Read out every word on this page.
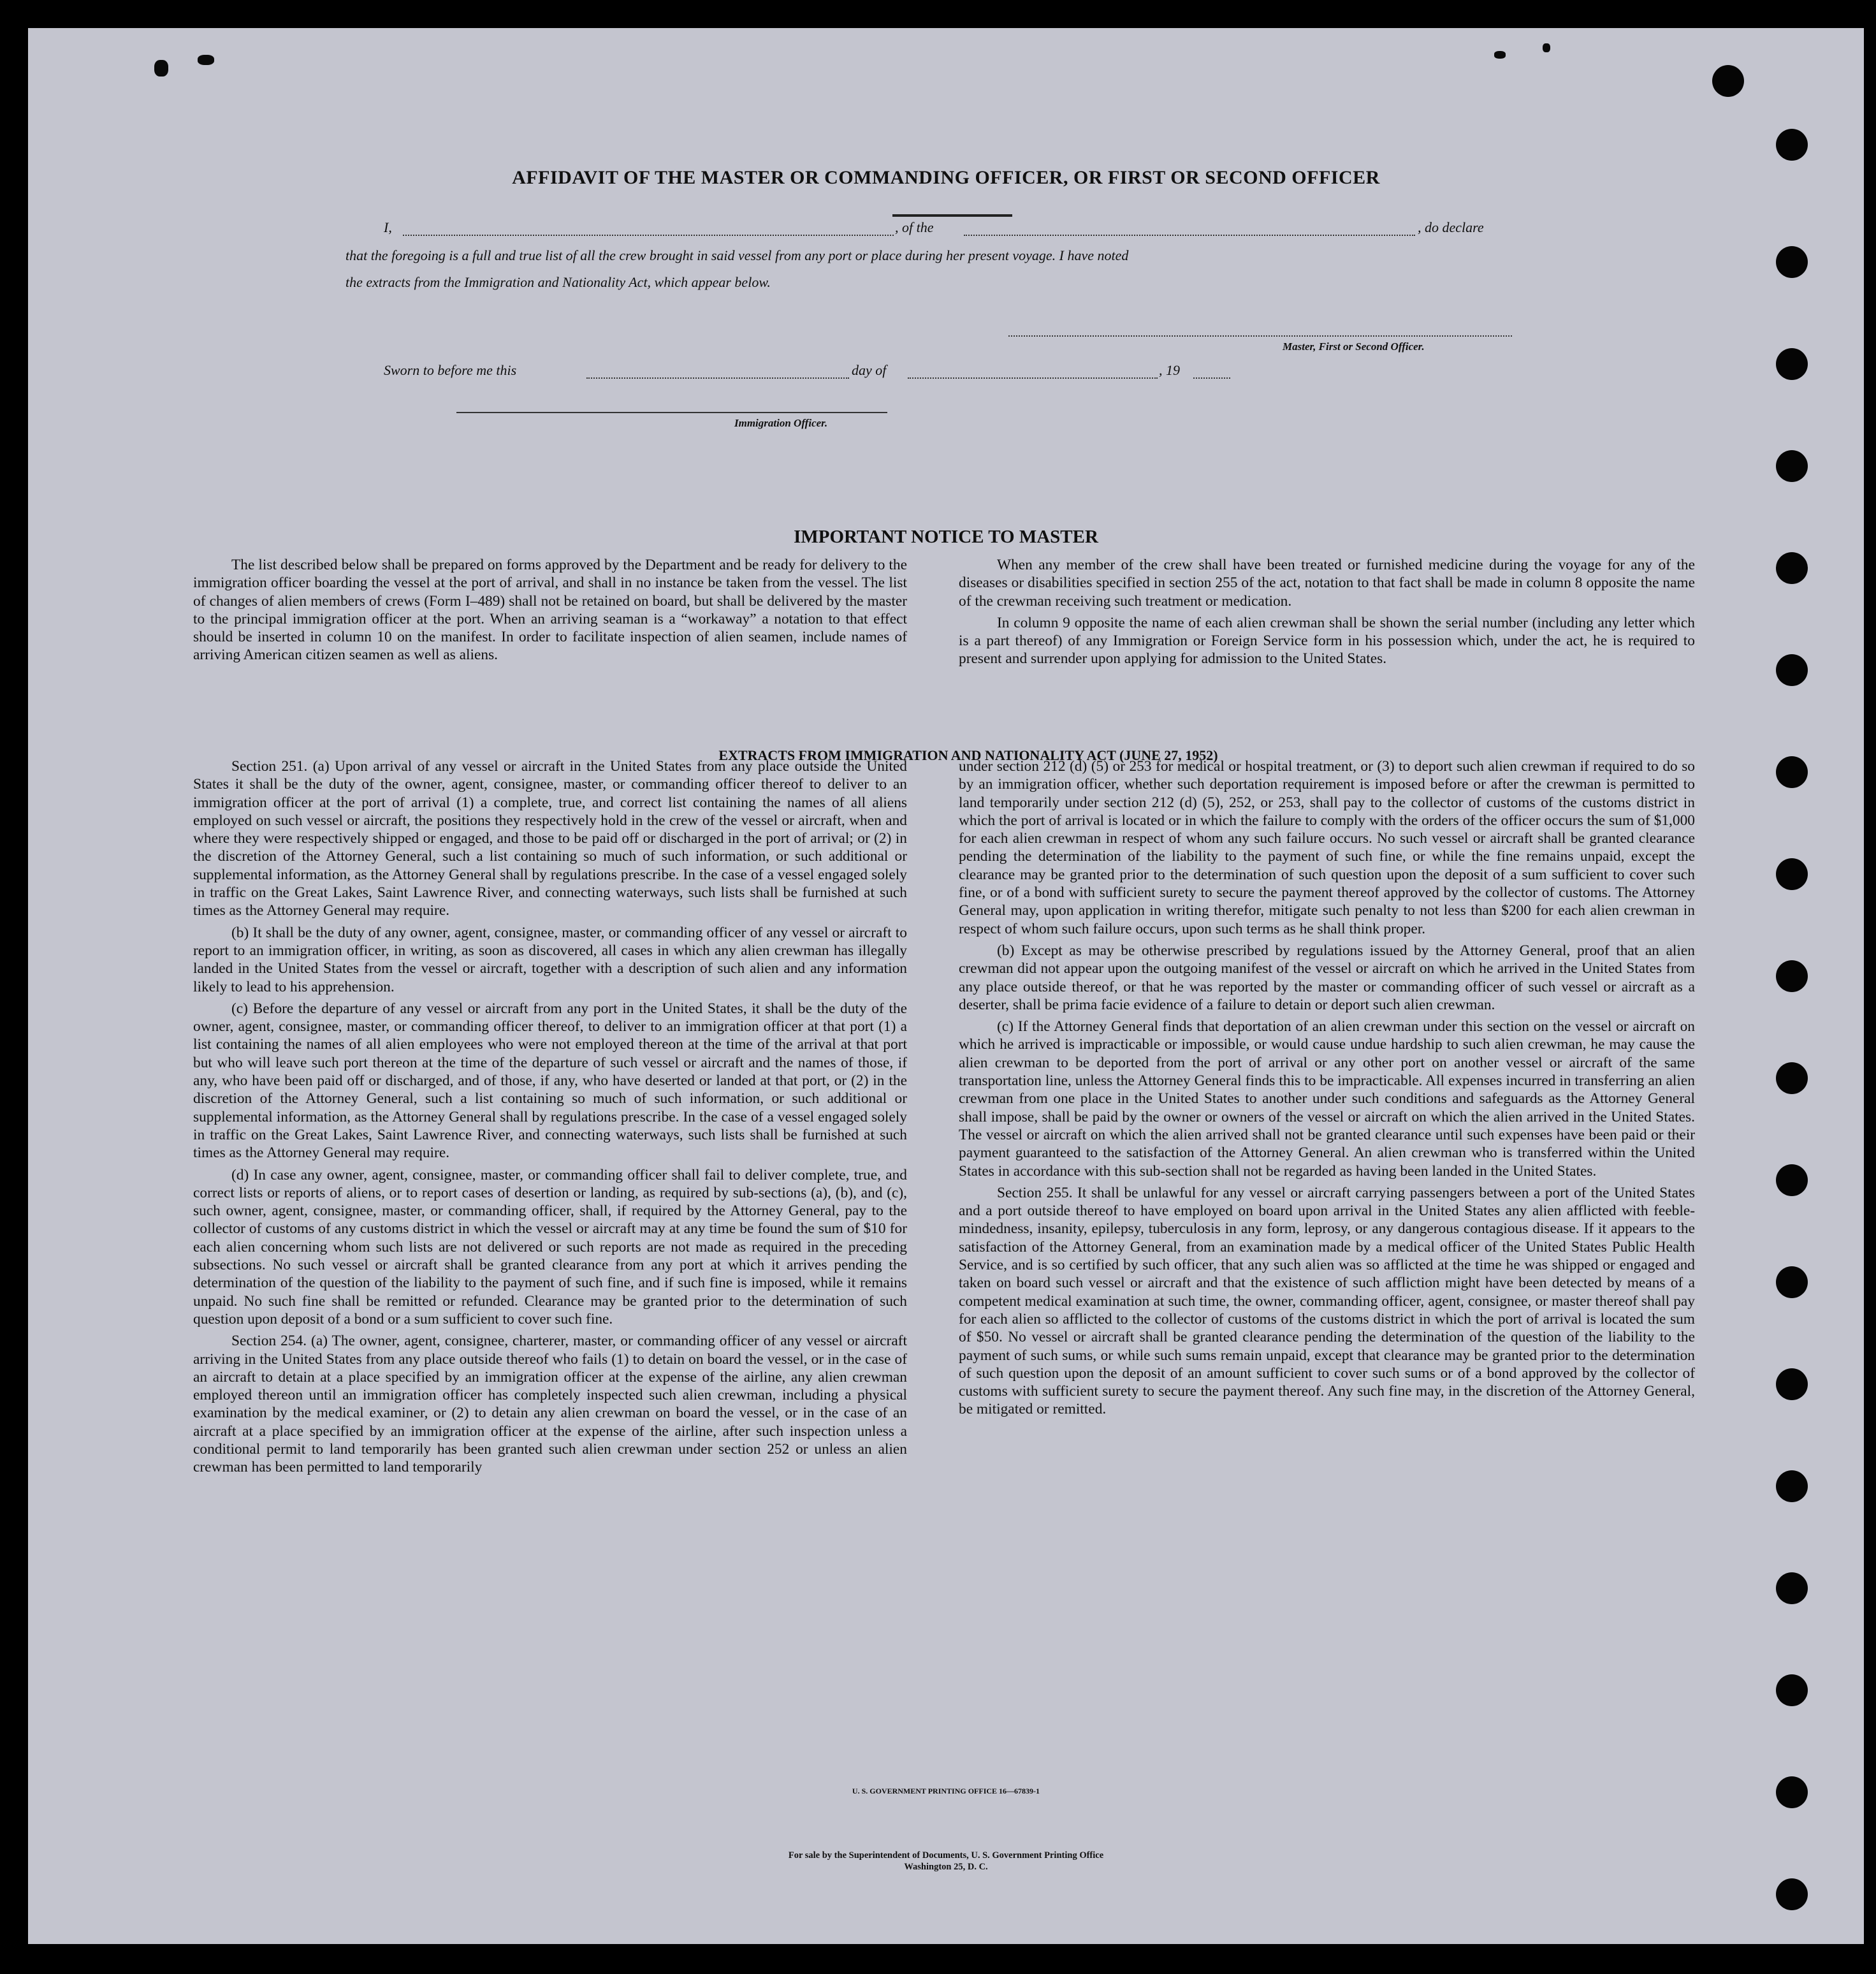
AFFIDAVIT OF THE MASTER OR COMMANDING OFFICER, OR FIRST OR SECOND OFFICER
I,	, of the	, do declare
that the foregoing is a full and true list of all the crew brought in said vessel from any port or place during her present voyage. I have noted
the extracts from the Immigration and Nationality Act, which appear below.
Master, First or Second Officer.
Sworn to before me this	day of	, 19
Immigration Officer.
IMPORTANT NOTICE TO MASTER

The list described below shall be prepared on forms approved by the Department and be ready for delivery to the immigration officer boarding the vessel at the port of arrival, and shall in no instance be taken from the vessel. The list of changes of alien members of crews (Form I–489) shall not be retained on board, but shall be delivered by the master to the principal immigration officer at the port. When an arriving seaman is a “workaway” a notation to that effect should be inserted in column 10 on the manifest. In order to facilitate inspection of alien seamen, include names of arriving American citizen seamen as well as aliens.

When any member of the crew shall have been treated or furnished medicine during the voyage for any of the diseases or disabilities specified in section 255 of the act, notation to that fact shall be made in column 8 opposite the name of the crewman receiving such treatment or medication.

In column 9 opposite the name of each alien crewman shall be shown the serial number (including any letter which is a part thereof) of any Immigration or Foreign Service form in his possession which, under the act, he is required to present and surrender upon applying for admission to the United States.

EXTRACTS FROM IMMIGRATION AND NATIONALITY ACT (JUNE 27, 1952)

Section 251. (a) Upon arrival of any vessel or aircraft in the United States from any place outside the United States it shall be the duty of the owner, agent, consignee, master, or commanding officer thereof to deliver to an immigration officer at the port of arrival (1) a complete, true, and correct list containing the names of all aliens employed on such vessel or aircraft, the positions they respectively hold in the crew of the vessel or aircraft, when and where they were respectively shipped or engaged, and those to be paid off or discharged in the port of arrival; or (2) in the discretion of the Attorney General, such a list containing so much of such information, or such additional or supplemental information, as the Attorney General shall by regulations prescribe. In the case of a vessel engaged solely in traffic on the Great Lakes, Saint Lawrence River, and connecting waterways, such lists shall be furnished at such times as the Attorney General may require.

(b) It shall be the duty of any owner, agent, consignee, master, or commanding officer of any vessel or aircraft to report to an immigration officer, in writing, as soon as discovered, all cases in which any alien crewman has illegally landed in the United States from the vessel or aircraft, together with a description of such alien and any information likely to lead to his apprehension.

(c) Before the departure of any vessel or aircraft from any port in the United States, it shall be the duty of the owner, agent, consignee, master, or commanding officer thereof, to deliver to an immigration officer at that port (1) a list containing the names of all alien employees who were not employed thereon at the time of the arrival at that port but who will leave such port thereon at the time of the departure of such vessel or aircraft and the names of those, if any, who have been paid off or discharged, and of those, if any, who have deserted or landed at that port, or (2) in the discretion of the Attorney General, such a list containing so much of such information, or such additional or supplemental information, as the Attorney General shall by regulations prescribe. In the case of a vessel engaged solely in traffic on the Great Lakes, Saint Lawrence River, and connecting waterways, such lists shall be furnished at such times as the Attorney General may require.

(d) In case any owner, agent, consignee, master, or commanding officer shall fail to deliver complete, true, and correct lists or reports of aliens, or to report cases of desertion or landing, as required by sub-sections (a), (b), and (c), such owner, agent, consignee, master, or commanding officer, shall, if required by the Attorney General, pay to the collector of customs of any customs district in which the vessel or aircraft may at any time be found the sum of $10 for each alien concerning whom such lists are not delivered or such reports are not made as required in the preceding subsections. No such vessel or aircraft shall be granted clearance from any port at which it arrives pending the determination of the question of the liability to the payment of such fine, and if such fine is imposed, while it remains unpaid. No such fine shall be remitted or refunded. Clearance may be granted prior to the determination of such question upon deposit of a bond or a sum sufficient to cover such fine.

Section 254. (a) The owner, agent, consignee, charterer, master, or commanding officer of any vessel or aircraft arriving in the United States from any place outside thereof who fails (1) to detain on board the vessel, or in the case of an aircraft to detain at a place specified by an immigration officer at the expense of the airline, any alien crewman employed thereon until an immigration officer has completely inspected such alien crewman, including a physical examination by the medical examiner, or (2) to detain any alien crewman on board the vessel, or in the case of an aircraft at a place specified by an immigration officer at the expense of the airline, after such inspection unless a conditional permit to land temporarily has been granted such alien crewman under section 252 or unless an alien crewman has been permitted to land temporarily

under section 212 (d) (5) or 253 for medical or hospital treatment, or (3) to deport such alien crewman if required to do so by an immigration officer, whether such deportation requirement is imposed before or after the crewman is permitted to land temporarily under section 212 (d) (5), 252, or 253, shall pay to the collector of customs of the customs district in which the port of arrival is located or in which the failure to comply with the orders of the officer occurs the sum of $1,000 for each alien crewman in respect of whom any such failure occurs. No such vessel or aircraft shall be granted clearance pending the determination of the liability to the payment of such fine, or while the fine remains unpaid, except the clearance may be granted prior to the determination of such question upon the deposit of a sum sufficient to cover such fine, or of a bond with sufficient surety to secure the payment thereof approved by the collector of customs. The Attorney General may, upon application in writing therefor, mitigate such penalty to not less than $200 for each alien crewman in respect of whom such failure occurs, upon such terms as he shall think proper.

(b) Except as may be otherwise prescribed by regulations issued by the Attorney General, proof that an alien crewman did not appear upon the outgoing manifest of the vessel or aircraft on which he arrived in the United States from any place outside thereof, or that he was reported by the master or commanding officer of such vessel or aircraft as a deserter, shall be prima facie evidence of a failure to detain or deport such alien crewman.

(c) If the Attorney General finds that deportation of an alien crewman under this section on the vessel or aircraft on which he arrived is impracticable or impossible, or would cause undue hardship to such alien crewman, he may cause the alien crewman to be deported from the port of arrival or any other port on another vessel or aircraft of the same transportation line, unless the Attorney General finds this to be impracticable. All expenses incurred in transferring an alien crewman from one place in the United States to another under such conditions and safeguards as the Attorney General shall impose, shall be paid by the owner or owners of the vessel or aircraft on which the alien arrived in the United States. The vessel or aircraft on which the alien arrived shall not be granted clearance until such expenses have been paid or their payment guaranteed to the satisfaction of the Attorney General. An alien crewman who is transferred within the United States in accordance with this sub-section shall not be regarded as having been landed in the United States.

Section 255. It shall be unlawful for any vessel or aircraft carrying passengers between a port of the United States and a port outside thereof to have employed on board upon arrival in the United States any alien afflicted with feeble-mindedness, insanity, epilepsy, tuberculosis in any form, leprosy, or any dangerous contagious disease. If it appears to the satisfaction of the Attorney General, from an examination made by a medical officer of the United States Public Health Service, and is so certified by such officer, that any such alien was so afflicted at the time he was shipped or engaged and taken on board such vessel or aircraft and that the existence of such affliction might have been detected by means of a competent medical examination at such time, the owner, commanding officer, agent, consignee, or master thereof shall pay for each alien so afflicted to the collector of customs of the customs district in which the port of arrival is located the sum of $50. No vessel or aircraft shall be granted clearance pending the determination of the question of the liability to the payment of such sums, or while such sums remain unpaid, except that clearance may be granted prior to the determination of such question upon the deposit of an amount sufficient to cover such sums or of a bond approved by the collector of customs with sufficient surety to secure the payment thereof. Any such fine may, in the discretion of the Attorney General, be mitigated or remitted.

U. S. GOVERNMENT PRINTING OFFICE 16—67839-1
For sale by the Superintendent of Documents, U. S. Government Printing Office
Washington 25, D. C.
